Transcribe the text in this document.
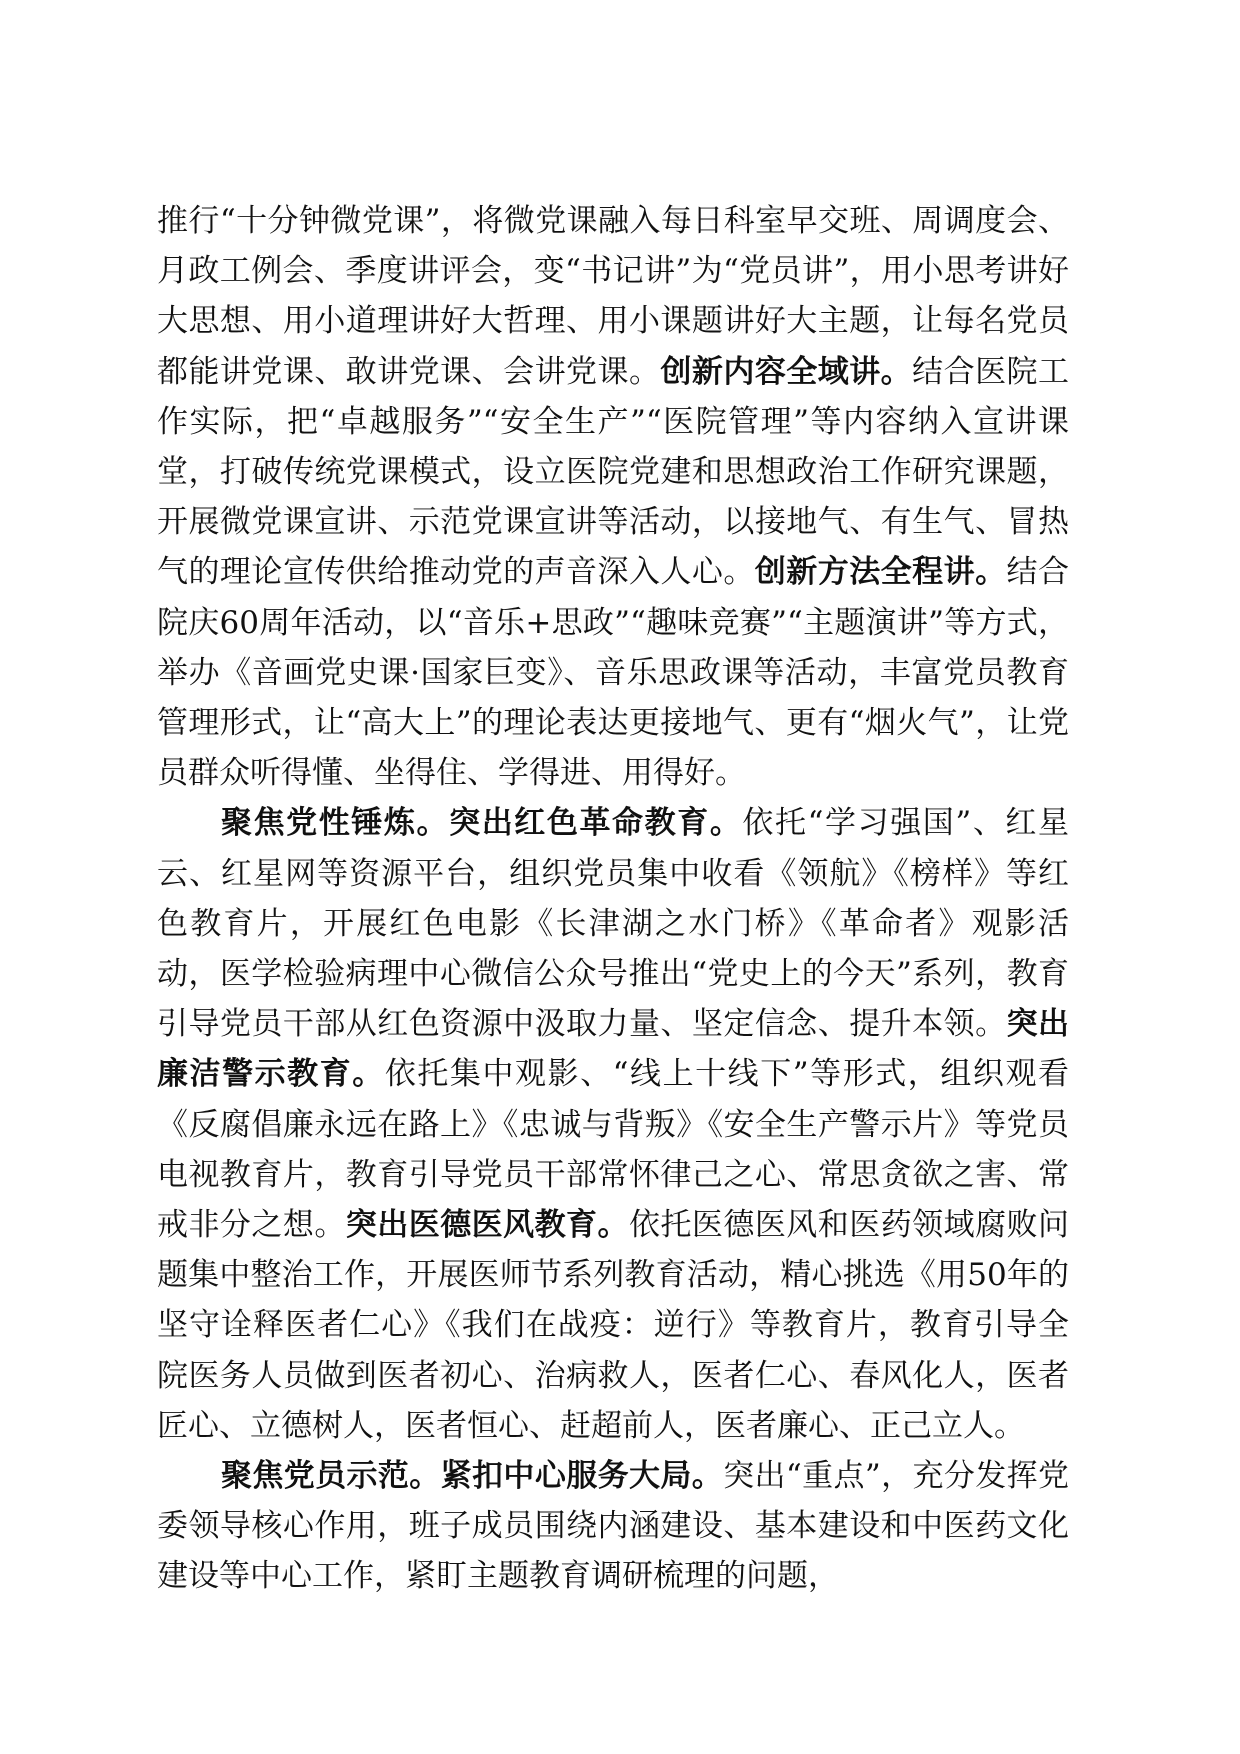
推行“十分钟微党课”，将微党课融入每日科室早交班、周调度会、月政工例会、季度讲评会，变“书记讲”为“党员讲”，用小思考讲好大思想、用小道理讲好大哲理、用小课题讲好大主题，让每名党员都能讲党课、敢讲党课、会讲党课。创新内容全域讲。结合医院工作实际，把“卓越服务”“安全生产”“医院管理”等内容纳入宣讲课堂，打破传统党课模式，设立医院党建和思想政治工作研究课题，开展微党课宣讲、示范党课宣讲等活动，以接地气、有生气、冒热气的理论宣传供给推动党的声音深入人心。创新方法全程讲。结合院庆60周年活动，以“音乐+思政”“趣味竞赛”“主题演讲”等方式，举办《音画党史课·国家巨变》、音乐思政课等活动，丰富党员教育管理形式，让“高大上”的理论表达更接地气、更有“烟火气”，让党员群众听得懂、坐得住、学得进、用得好。

聚焦党性锤炼。突出红色革命教育。依托“学习强国”、红星云、红星网等资源平台，组织党员集中收看《领航》《榜样》等红色教育片，开展红色电影《长津湖之水门桥》《革命者》观影活动，医学检验病理中心微信公众号推出“党史上的今天”系列，教育引导党员干部从红色资源中汲取力量、坚定信念、提升本领。突出廉洁警示教育。依托集中观影、“线上十线下”等形式，组织观看《反腐倡廉永远在路上》《忠诚与背叛》《安全生产警示片》等党员电视教育片，教育引导党员干部常怀律己之心、常思贪欲之害、常戒非分之想。突出医德医风教育。依托医德医风和医药领域腐败问题集中整治工作，开展医师节系列教育活动，精心挑选《用50年的坚守诠释医者仁心》《我们在战疫：逆行》等教育片，教育引导全院医务人员做到医者初心、治病救人，医者仁心、春风化人，医者匠心、立德树人，医者恒心、赶超前人，医者廉心、正己立人。

聚焦党员示范。紧扣中心服务大局。突出“重点”，充分发挥党委领导核心作用，班子成员围绕内涵建设、基本建设和中医药文化建设等中心工作，紧盯主题教育调研梳理的问题，
